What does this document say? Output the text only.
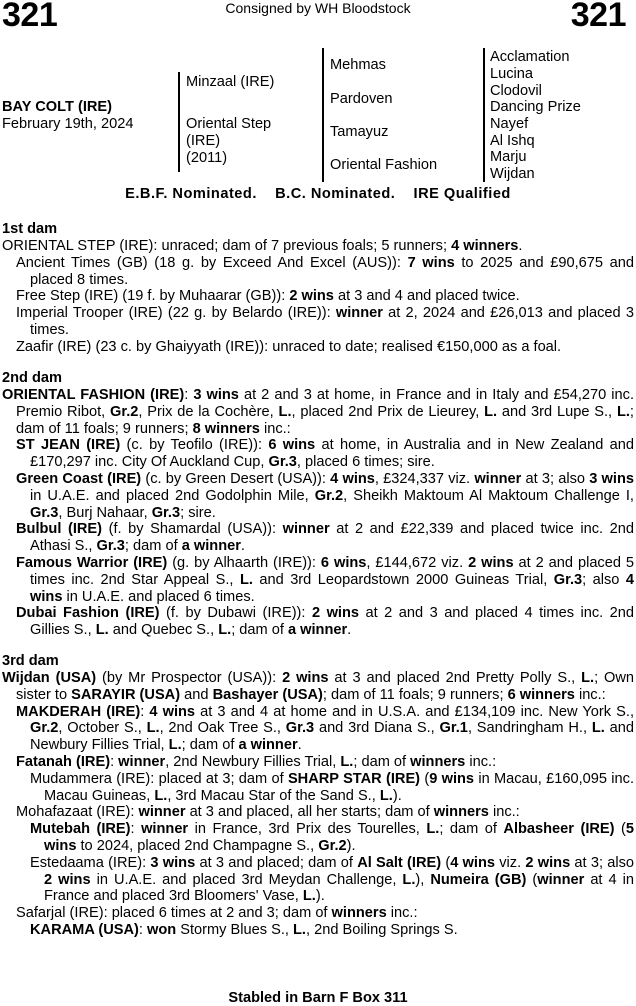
321	321
Consigned by WH Bloodstock
BAY COLT (IRE)
February 19th, 2024
Minzaal (IRE)
Oriental Step
(IRE)
(2011)
Mehmas
Pardoven
Tamayuz
Oriental Fashion
Acclamation
Lucina
Clodovil
Dancing Prize
Nayef
Al Ishq
Marju
Wijdan
E.B.F. Nominated.    B.C. Nominated.    IRE Qualified
1st dam
ORIENTAL STEP (IRE): unraced; dam of 7 previous foals; 5 runners; 4 winners.
Ancient Times (GB) (18 g. by Exceed And Excel (AUS)): 7 wins to 2025 and £90,675 and placed 8 times.
Free Step (IRE) (19 f. by Muhaarar (GB)): 2 wins at 3 and 4 and placed twice.
Imperial Trooper (IRE) (22 g. by Belardo (IRE)): winner at 2, 2024 and £26,013 and placed 3 times.
Zaafir (IRE) (23 c. by Ghaiyyath (IRE)): unraced to date; realised €150,000 as a foal.
2nd dam
ORIENTAL FASHION (IRE): 3 wins at 2 and 3 at home, in France and in Italy and £54,270 inc. Premio Ribot, Gr.2, Prix de la Cochère, L., placed 2nd Prix de Lieurey, L. and 3rd Lupe S., L.; dam of 11 foals; 9 runners; 8 winners inc.:
ST JEAN (IRE) (c. by Teofilo (IRE)): 6 wins at home, in Australia and in New Zealand and £170,297 inc. City Of Auckland Cup, Gr.3, placed 6 times; sire.
Green Coast (IRE) (c. by Green Desert (USA)): 4 wins, £324,337 viz. winner at 3; also 3 wins in U.A.E. and placed 2nd Godolphin Mile, Gr.2, Sheikh Maktoum Al Maktoum Challenge I, Gr.3, Burj Nahaar, Gr.3; sire.
Bulbul (IRE) (f. by Shamardal (USA)): winner at 2 and £22,339 and placed twice inc. 2nd Athasi S., Gr.3; dam of a winner.
Famous Warrior (IRE) (g. by Alhaarth (IRE)): 6 wins, £144,672 viz. 2 wins at 2 and placed 5 times inc. 2nd Star Appeal S., L. and 3rd Leopardstown 2000 Guineas Trial, Gr.3; also 4 wins in U.A.E. and placed 6 times.
Dubai Fashion (IRE) (f. by Dubawi (IRE)): 2 wins at 2 and 3 and placed 4 times inc. 2nd Gillies S., L. and Quebec S., L.; dam of a winner.
3rd dam
Wijdan (USA) (by Mr Prospector (USA)): 2 wins at 3 and placed 2nd Pretty Polly S., L.; Own sister to SARAYIR (USA) and Bashayer (USA); dam of 11 foals; 9 runners; 6 winners inc.:
MAKDERAH (IRE): 4 wins at 3 and 4 at home and in U.S.A. and £134,109 inc. New York S., Gr.2, October S., L., 2nd Oak Tree S., Gr.3 and 3rd Diana S., Gr.1, Sandringham H., L. and Newbury Fillies Trial, L.; dam of a winner.
Fatanah (IRE): winner, 2nd Newbury Fillies Trial, L.; dam of winners inc.:
Mudammera (IRE): placed at 3; dam of SHARP STAR (IRE) (9 wins in Macau, £160,095 inc. Macau Guineas, L., 3rd Macau Star of the Sand S., L.).
Mohafazaat (IRE): winner at 3 and placed, all her starts; dam of winners inc.:
Mutebah (IRE): winner in France, 3rd Prix des Tourelles, L.; dam of Albasheer (IRE) (5 wins to 2024, placed 2nd Champagne S., Gr.2).
Estedaama (IRE): 3 wins at 3 and placed; dam of Al Salt (IRE) (4 wins viz. 2 wins at 3; also 2 wins in U.A.E. and placed 3rd Meydan Challenge, L.), Numeira (GB) (winner at 4 in France and placed 3rd Bloomers' Vase, L.).
Safarjal (IRE): placed 6 times at 2 and 3; dam of winners inc.:
KARAMA (USA): won Stormy Blues S., L., 2nd Boiling Springs S.
Stabled in Barn F Box 311
